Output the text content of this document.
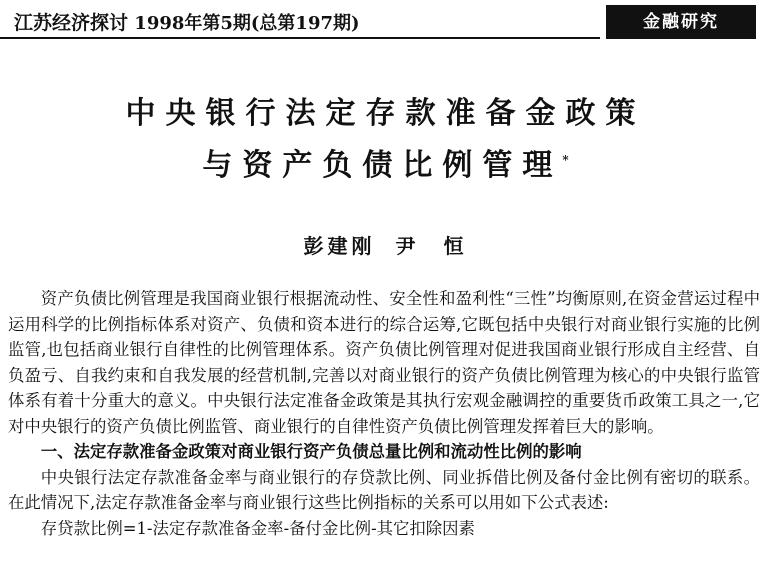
江苏经济探讨 1998年第5期(总第197期)	金融研究
中央银行法定存款准备金政策
与资产负债比例管理*
彭建刚 尹　恒

资产负债比例管理是我国商业银行根据流动性、安全性和盈利性“三性”均衡原则,在资金营运过程中运用科学的比例指标体系对资产、负债和资本进行的综合运筹,它既包括中央银行对商业银行实施的比例监管,也包括商业银行自律性的比例管理体系。资产负债比例管理对促进我国商业银行形成自主经营、自负盈亏、自我约束和自我发展的经营机制,完善以对商业银行的资产负债比例管理为核心的中央银行监管体系有着十分重大的意义。中央银行法定准备金政策是其执行宏观金融调控的重要货币政策工具之一,它对中央银行的资产负债比例监管、商业银行的自律性资产负债比例管理发挥着巨大的影响。

一、法定存款准备金政策对商业银行资产负债总量比例和流动性比例的影响

中央银行法定存款准备金率与商业银行的存贷款比例、同业拆借比例及备付金比例有密切的联系。在此情况下,法定存款准备金率与商业银行这些比例指标的关系可以用如下公式表述:

存贷款比例=1-法定存款准备金率-备付金比例-其它扣除因素
